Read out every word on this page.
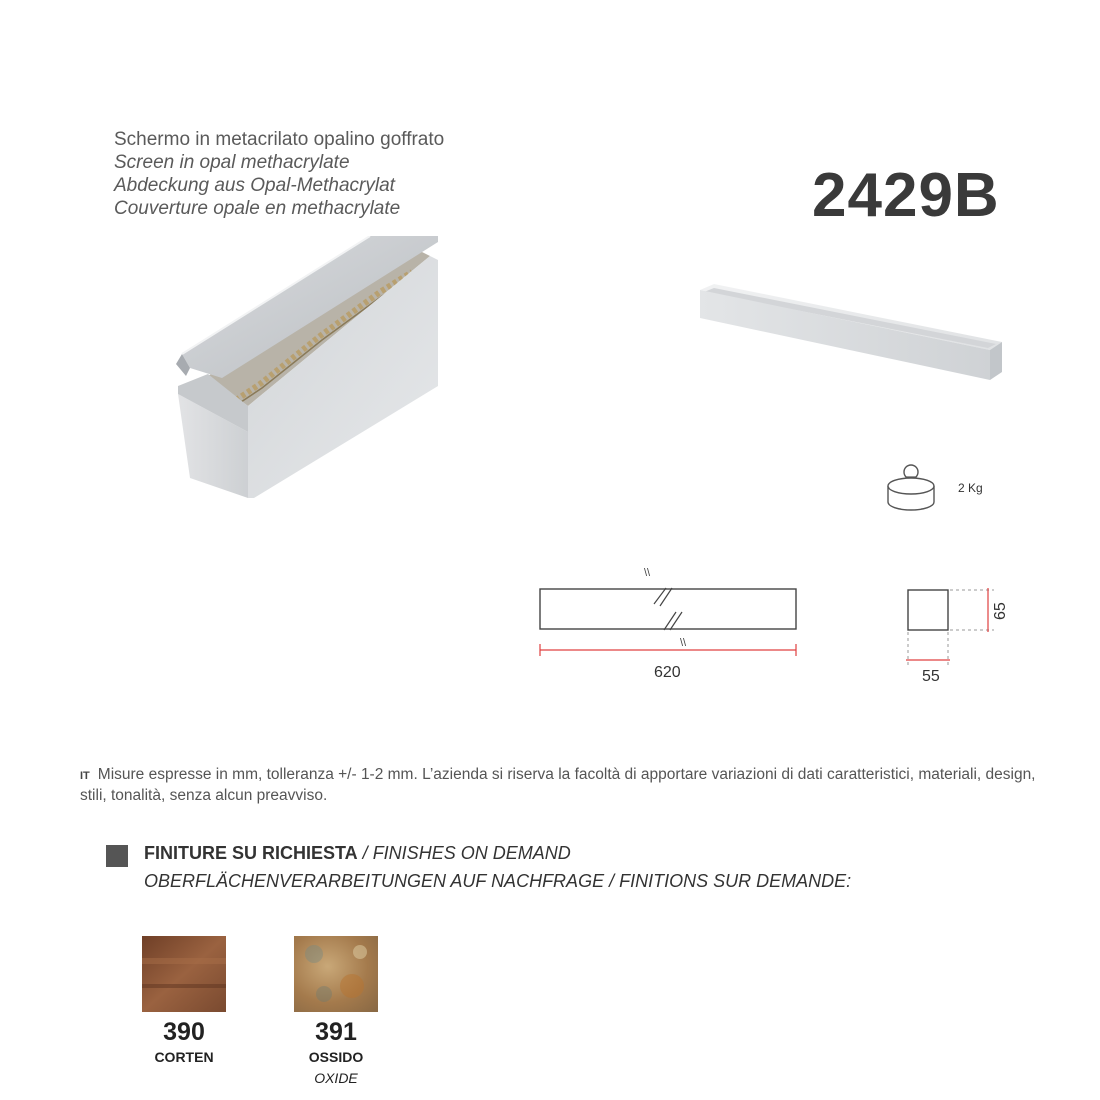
Schermo in metacrilato opalino goffrato
Screen in opal methacrylate
Abdeckung aus Opal-Methacrylat
Couverture opale en methacrylate	2429B
2 Kg
\\
\\
620
65
55
IT Misure espresse in mm, tolleranza +/- 1-2 mm. L’azienda si riserva la facoltà di apportare variazioni di dati caratteristici, materiali, design, stili, tonalità, senza alcun preavviso.
FINITURE SU RICHIESTA / FINISHES ON DEMAND
OBERFLÄCHENVERARBEITUNGEN AUF NACHFRAGE / FINITIONS SUR DEMANDE:
390
CORTEN
391
OSSIDO
OXIDE
